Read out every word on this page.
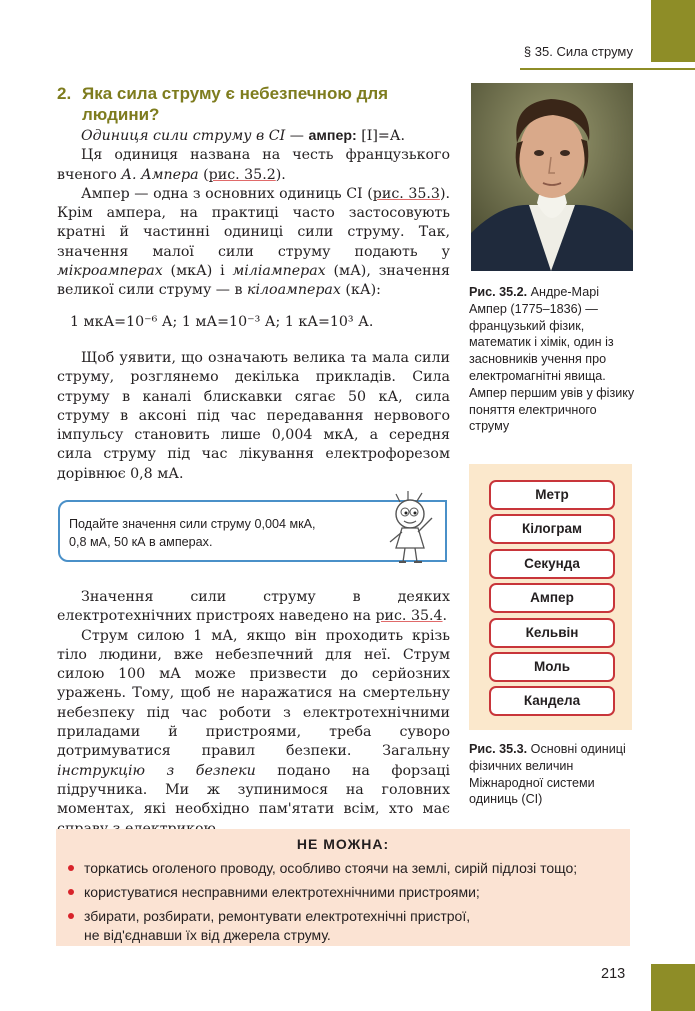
§ 35. Сила струму
2. Яка сила струму є небезпечною для людини?

Одиниця сили струму в СІ — ампер: [I]=А.

Ця одиниця названа на честь французького вченого А. Ампера (рис. 35.2).

Ампер — одна з основних одиниць СІ (рис. 35.3). Крім ампера, на практиці часто застосовують кратні й частинні одиниці сили струму. Так, значення малої сили струму подають у мікроамперах (мкА) і міліамперах (мА), значення великої сили струму — в кілоамперах (кА):

1 мкА=10⁻⁶ А; 1 мА=10⁻³ А; 1 кА=10³ А.

Щоб уявити, що означають велика та мала сили струму, розглянемо декілька прикладів. Сила струму в каналі блискавки сягає 50 кА, сила струму в аксоні під час передавання нервового імпульсу становить лише 0,004 мкА, а середня сила струму під час лікування електрофорезом дорівнює 0,8 мА.

Подайте значення сили струму 0,004 мкА,
0,8 мА, 50 кА в амперах.

Значення сили струму в деяких електротехнічних пристроях наведено на рис. 35.4.

Струм силою 1 мА, якщо він проходить крізь тіло людини, вже небезпечний для неї. Струм силою 100 мА може призвести до серйозних уражень. Тому, щоб не наражатися на смертельну небезпеку під час роботи з електротехнічними приладами й пристроями, треба суворо дотримуватися правил безпеки. Загальну інструкцію з безпеки подано на форзаці підручника. Ми ж зупинимося на головних моментах, які необхідно пам'ятати всім, хто має

Рис. 35.2. Андре-Марі Ампер (1775–1836) — французький фізик, математик і хімік, один із засновників учення про електромагнітні явища. Ампер першим увів у фізику поняття електричного струму
Метр
Кілограм
Секунда
Ампер
Кельвін
Моль
Кандела
Рис. 35.3. Основні одиниці фізичних величин Міжнародної системи одиниць (СІ)
НЕ МОЖНА:
торкатись оголеного проводу, особливо стоячи на землі, сирій підлозі тощо;
користуватися несправними електротехнічними пристроями;
збирати, розбирати, ремонтувати електротехнічні пристрої,
не від'єднавши їх від джерела струму.
213
